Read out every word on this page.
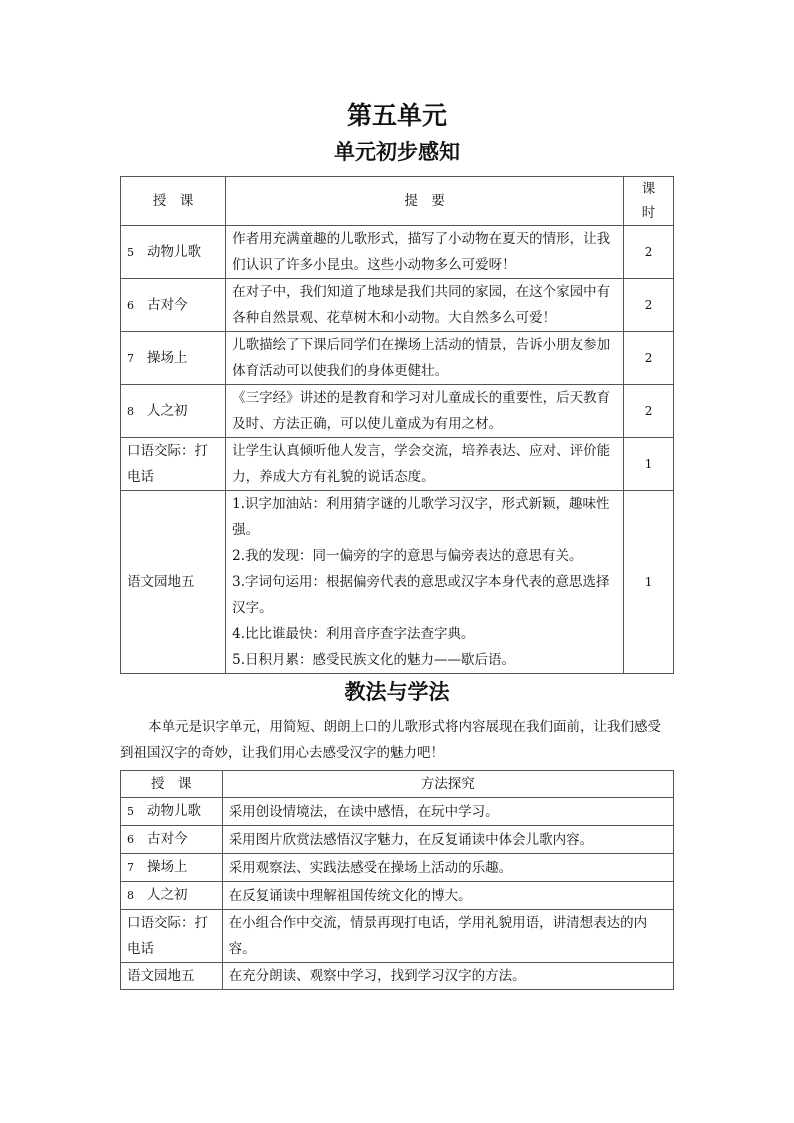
第五单元
单元初步感知
授　课	提　要	课　时
5 动物儿歌	作者用充满童趣的儿歌形式，描写了小动物在夏天的情形，让我们认识了许多小昆虫。这些小动物多么可爱呀！	2
6 古对今	在对子中，我们知道了地球是我们共同的家园，在这个家园中有各种自然景观、花草树木和小动物。大自然多么可爱！	2
7 操场上	儿歌描绘了下课后同学们在操场上活动的情景，告诉小朋友参加体育活动可以使我们的身体更健壮。	2
8 人之初	《三字经》讲述的是教育和学习对儿童成长的重要性，后天教育及时、方法正确，可以使儿童成为有用之材。	2
口语交际：打电话	让学生认真倾听他人发言，学会交流，培养表达、应对、评价能力，养成大方有礼貌的说话态度。	1
语文园地五	1.识字加油站：利用猜字谜的儿歌学习汉字，形式新颖，趣味性强。
2.我的发现：同一偏旁的字的意思与偏旁表达的意思有关。
3.字词句运用：根据偏旁代表的意思或汉字本身代表的意思选择汉字。
4.比比谁最快：利用音序查字法查字典。
5.日积月累：感受民族文化的魅力——歇后语。	1
教法与学法

本单元是识字单元，用简短、朗朗上口的儿歌形式将内容展现在我们面前，让我们感受到祖国汉字的奇妙，让我们用心去感受汉字的魅力吧！

授　课	方法探究
5 动物儿歌	采用创设情境法，在读中感悟，在玩中学习。
6 古对今	采用图片欣赏法感悟汉字魅力，在反复诵读中体会儿歌内容。
7 操场上	采用观察法、实践法感受在操场上活动的乐趣。
8 人之初	在反复诵读中理解祖国传统文化的博大。
口语交际：打电话	在小组合作中交流，情景再现打电话，学用礼貌用语，讲清想表达的内容。
语文园地五	在充分朗读、观察中学习，找到学习汉字的方法。
